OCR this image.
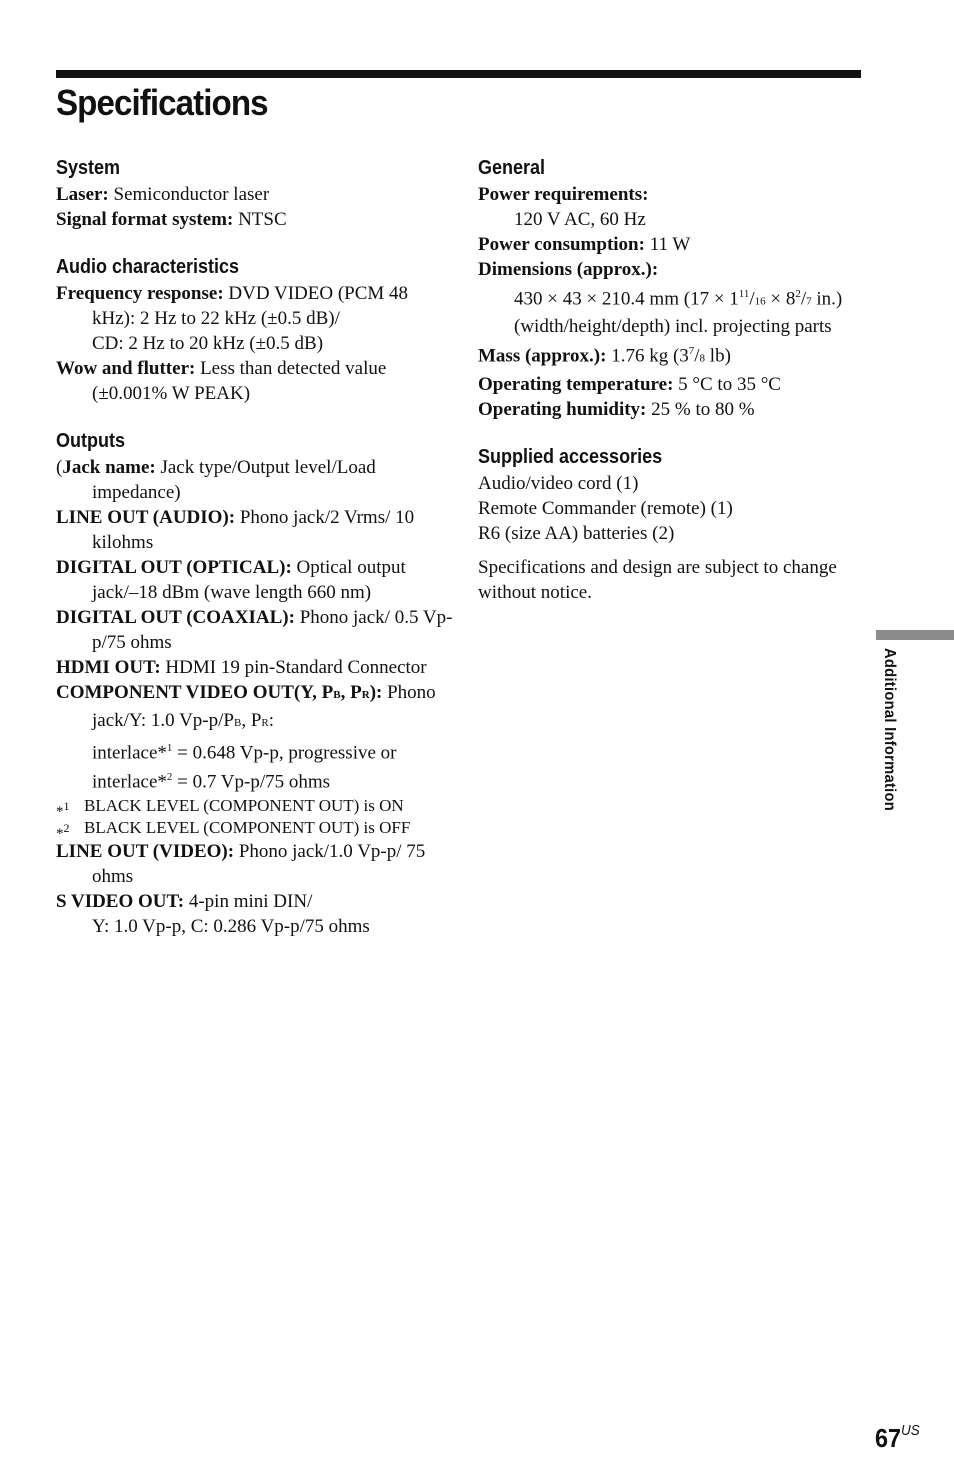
Specifications
System

Laser: Semiconductor laser

Signal format system: NTSC

Audio characteristics

Frequency response: DVD VIDEO (PCM 48 kHz): 2 Hz to 22 kHz (±0.5 dB)/

CD: 2 Hz to 20 kHz (±0.5 dB)

Wow and flutter: Less than detected value (±0.001% W PEAK)

Outputs

(Jack name: Jack type/Output level/Load impedance)

LINE OUT (AUDIO): Phono jack/2 Vrms/ 10 kilohms

DIGITAL OUT (OPTICAL): Optical output jack/–18 dBm (wave length 660 nm)

DIGITAL OUT (COAXIAL): Phono jack/ 0.5 Vp-p/75 ohms

HDMI OUT: HDMI 19 pin-Standard Connector

COMPONENT VIDEO OUT(Y, PB, PR): Phono jack/Y: 1.0 Vp-p/PB, PR:
interlace*$^1$ = 0.648 Vp-p, progressive or
interlace*$^2$ = 0.7 Vp-p/75 ohms

*$^1$ BLACK LEVEL (COMPONENT OUT) is ON

*$^2$ BLACK LEVEL (COMPONENT OUT) is OFF

LINE OUT (VIDEO): Phono jack/1.0 Vp-p/ 75 ohms

S VIDEO OUT: 4-pin mini DIN/

Y: 1.0 Vp-p, C: 0.286 Vp-p/75 ohms

General

Power requirements:

120 V AC, 60 Hz

Power consumption: 11 W

Dimensions (approx.):

430 × 43 × 210.4 mm ($17 \times 1^{11}/16 \times 8^2/7$ in.) (width/height/depth) incl. projecting parts

Mass (approx.): 1.76 kg ($3^7/8$ lb)

Operating temperature: 5 °C to 35 °C

Operating humidity: 25 % to 80 %

Supplied accessories

Audio/video cord (1)

Remote Commander (remote) (1)

R6 (size AA) batteries (2)

Specifications and design are subject to change without notice.

Additional Information
$67^{US}$
